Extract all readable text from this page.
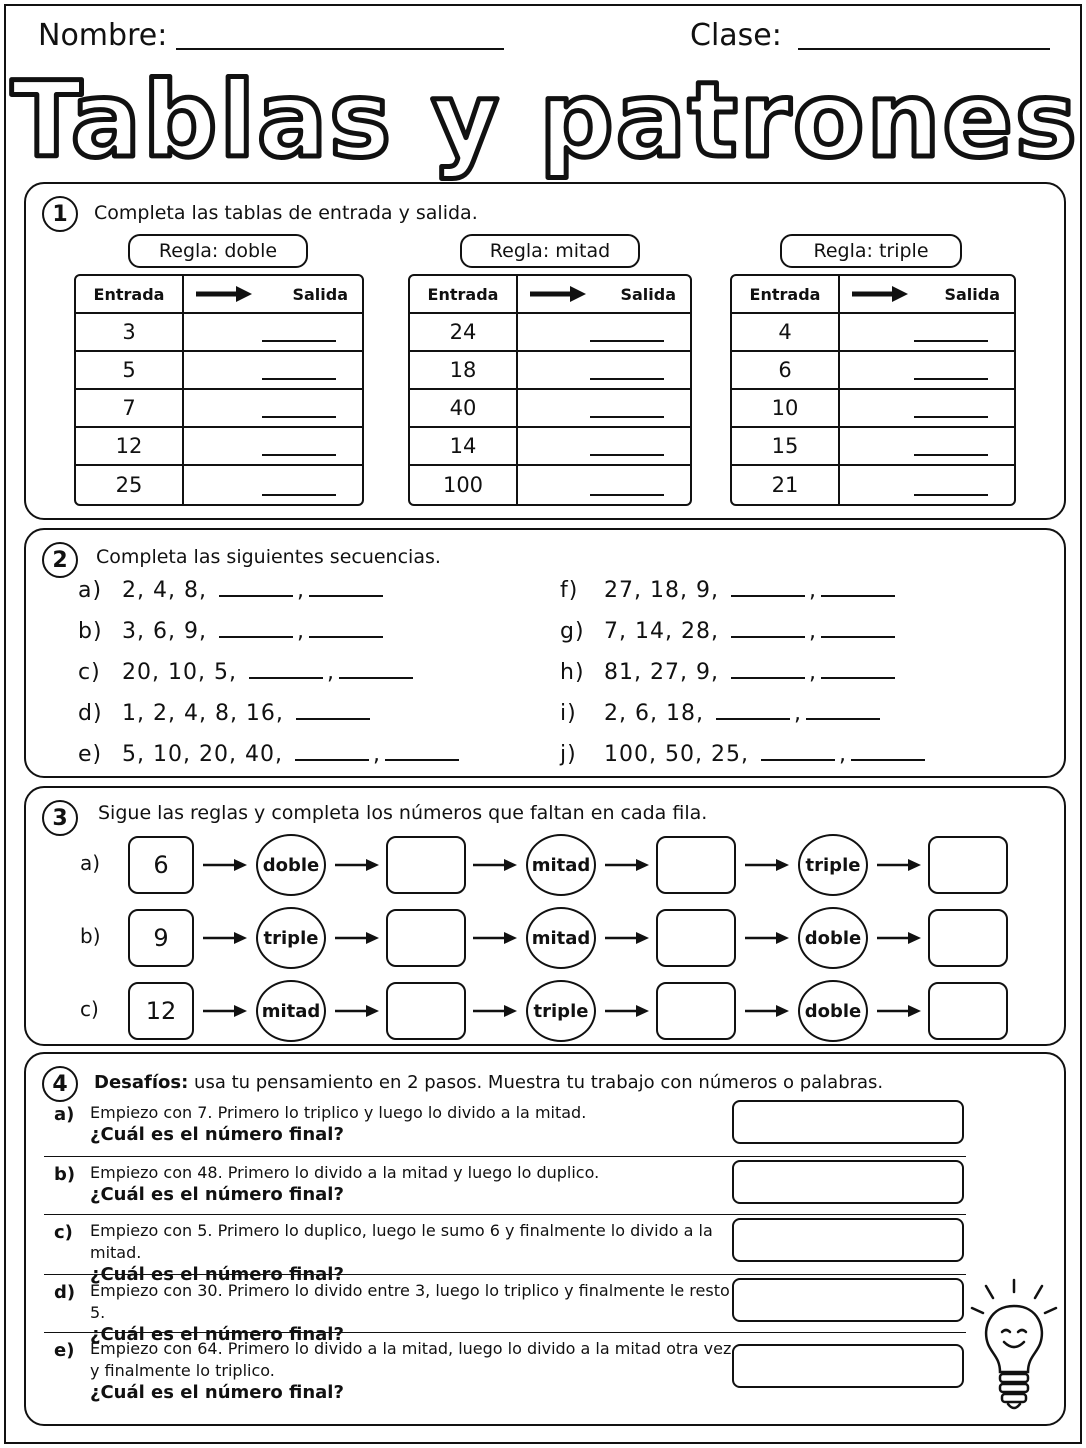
Nombre:	Clase:
Tablas y patrones
1	Completa las tablas de entrada y salida.
Regla: doble
Entrada	Salida
3
5
7
12
25
Regla: mitad
Entrada	Salida
24
18
40
14
100
Regla: triple
Entrada	Salida
4
6
10
15
21
2	Completa las siguientes secuencias.
a) 2, 4, 8,	,
b) 3, 6, 9,	,
c) 20, 10, 5,	,
d) 1, 2, 4, 8, 16,
e) 5, 10, 20, 40,	,
f)	27, 18, 9,	,
g) 7, 14, 28,	,
h) 81, 27, 9,	,
i)	2, 6, 18,	,
j)	100, 50, 25,	,
3	Sigue las reglas y completa los números que faltan en cada fila.
a)	6	doble	mitad	triple
b)	9	triple	mitad	doble
c)	12	mitad	triple	doble
4	Desafíos: usa tu pensamiento en 2 pasos. Muestra tu trabajo con números o palabras.
a) Empiezo con 7. Primero lo triplico y luego lo divido a la mitad.
¿Cuál es el número final?
b) Empiezo con 48. Primero lo divido a la mitad y luego lo duplico.
¿Cuál es el número final?
c) Empiezo con 5. Primero lo duplico, luego le sumo 6 y finalmente lo divido a la mitad.
¿Cuál es el número final?
d) Empiezo con 30. Primero lo divido entre 3, luego lo triplico y finalmente le resto 5.
¿Cuál es el número final?
e) Empiezo con 64. Primero lo divido a la mitad, luego lo divido a la mitad otra vez
y finalmente lo triplico.
¿Cuál es el número final?
